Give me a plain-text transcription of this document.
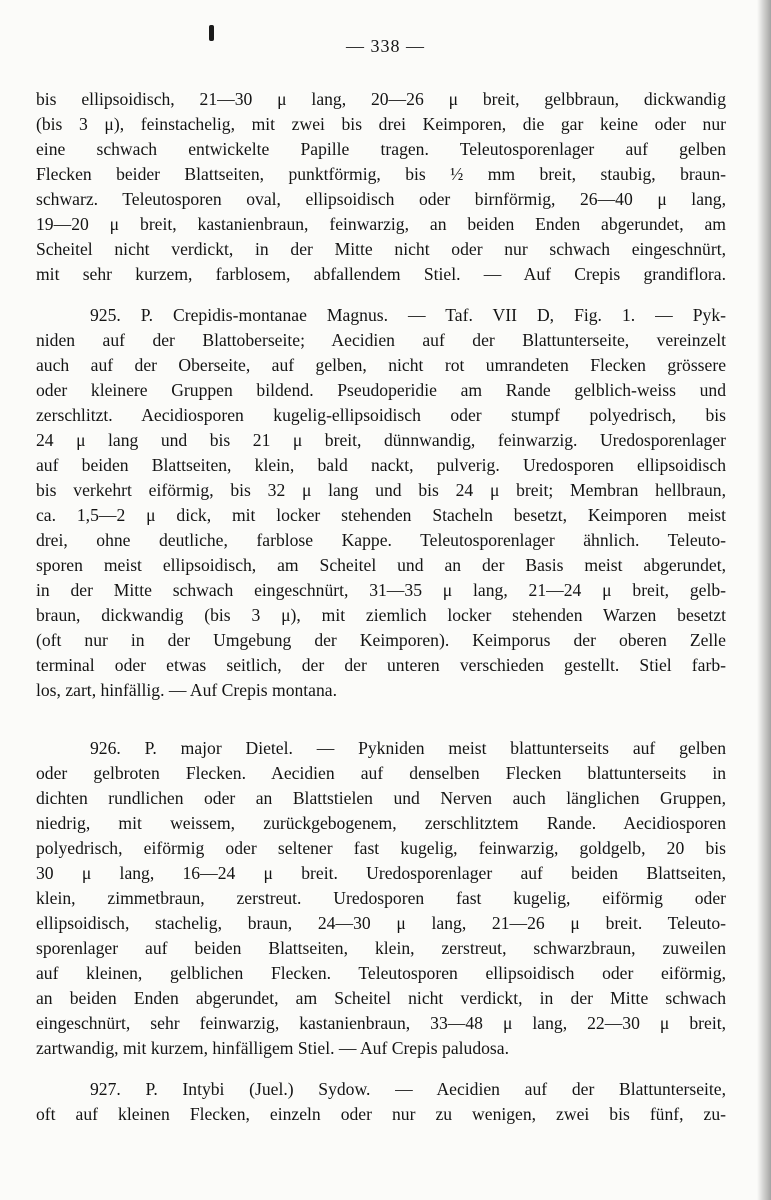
— 338 —
bis ellipsoidisch, 21—30 μ lang, 20—26 μ breit, gelbbraun, dickwandig
(bis 3 μ), feinstachelig, mit zwei bis drei Keimporen, die gar keine oder nur
eine schwach entwickelte Papille tragen. Teleutosporenlager auf gelben
Flecken beider Blattseiten, punktförmig, bis ½ mm breit, staubig, braun-
schwarz. Teleutosporen oval, ellipsoidisch oder birnförmig, 26—40 μ lang,
19—20 μ breit, kastanienbraun, feinwarzig, an beiden Enden abgerundet, am
Scheitel nicht verdickt, in der Mitte nicht oder nur schwach eingeschnürt,
mit sehr kurzem, farblosem, abfallendem Stiel. — Auf Crepis grandiflora.
925. P. Crepidis-montanae Magnus. — Taf. VII D, Fig. 1. — Pyk-
niden auf der Blattoberseite; Aecidien auf der Blattunterseite, vereinzelt
auch auf der Oberseite, auf gelben, nicht rot umrandeten Flecken grössere
oder kleinere Gruppen bildend. Pseudoperidie am Rande gelblich-weiss und
zerschlitzt. Aecidiosporen kugelig-ellipsoidisch oder stumpf polyedrisch, bis
24 μ lang und bis 21 μ breit, dünnwandig, feinwarzig. Uredosporenlager
auf beiden Blattseiten, klein, bald nackt, pulverig. Uredosporen ellipsoidisch
bis verkehrt eiförmig, bis 32 μ lang und bis 24 μ breit; Membran hellbraun,
ca. 1,5—2 μ dick, mit locker stehenden Stacheln besetzt, Keimporen meist
drei, ohne deutliche, farblose Kappe. Teleutosporenlager ähnlich. Teleuto-
sporen meist ellipsoidisch, am Scheitel und an der Basis meist abgerundet,
in der Mitte schwach eingeschnürt, 31—35 μ lang, 21—24 μ breit, gelb-
braun, dickwandig (bis 3 μ), mit ziemlich locker stehenden Warzen besetzt
(oft nur in der Umgebung der Keimporen). Keimporus der oberen Zelle
terminal oder etwas seitlich, der der unteren verschieden gestellt. Stiel farb-
los, zart, hinfällig. — Auf Crepis montana.
926. P. major Dietel. — Pykniden meist blattunterseits auf gelben
oder gelbroten Flecken. Aecidien auf denselben Flecken blattunterseits in
dichten rundlichen oder an Blattstielen und Nerven auch länglichen Gruppen,
niedrig, mit weissem, zurückgebogenem, zerschlitztem Rande. Aecidiosporen
polyedrisch, eiförmig oder seltener fast kugelig, feinwarzig, goldgelb, 20 bis
30 μ lang, 16—24 μ breit. Uredosporenlager auf beiden Blattseiten,
klein, zimmetbraun, zerstreut. Uredosporen fast kugelig, eiförmig oder
ellipsoidisch, stachelig, braun, 24—30 μ lang, 21—26 μ breit. Teleuto-
sporenlager auf beiden Blattseiten, klein, zerstreut, schwarzbraun, zuweilen
auf kleinen, gelblichen Flecken. Teleutosporen ellipsoidisch oder eiförmig,
an beiden Enden abgerundet, am Scheitel nicht verdickt, in der Mitte schwach
eingeschnürt, sehr feinwarzig, kastanienbraun, 33—48 μ lang, 22—30 μ breit,
zartwandig, mit kurzem, hinfälligem Stiel. — Auf Crepis paludosa.
927. P. Intybi (Juel.) Sydow. — Aecidien auf der Blattunterseite,
oft auf kleinen Flecken, einzeln oder nur zu wenigen, zwei bis fünf, zu-
